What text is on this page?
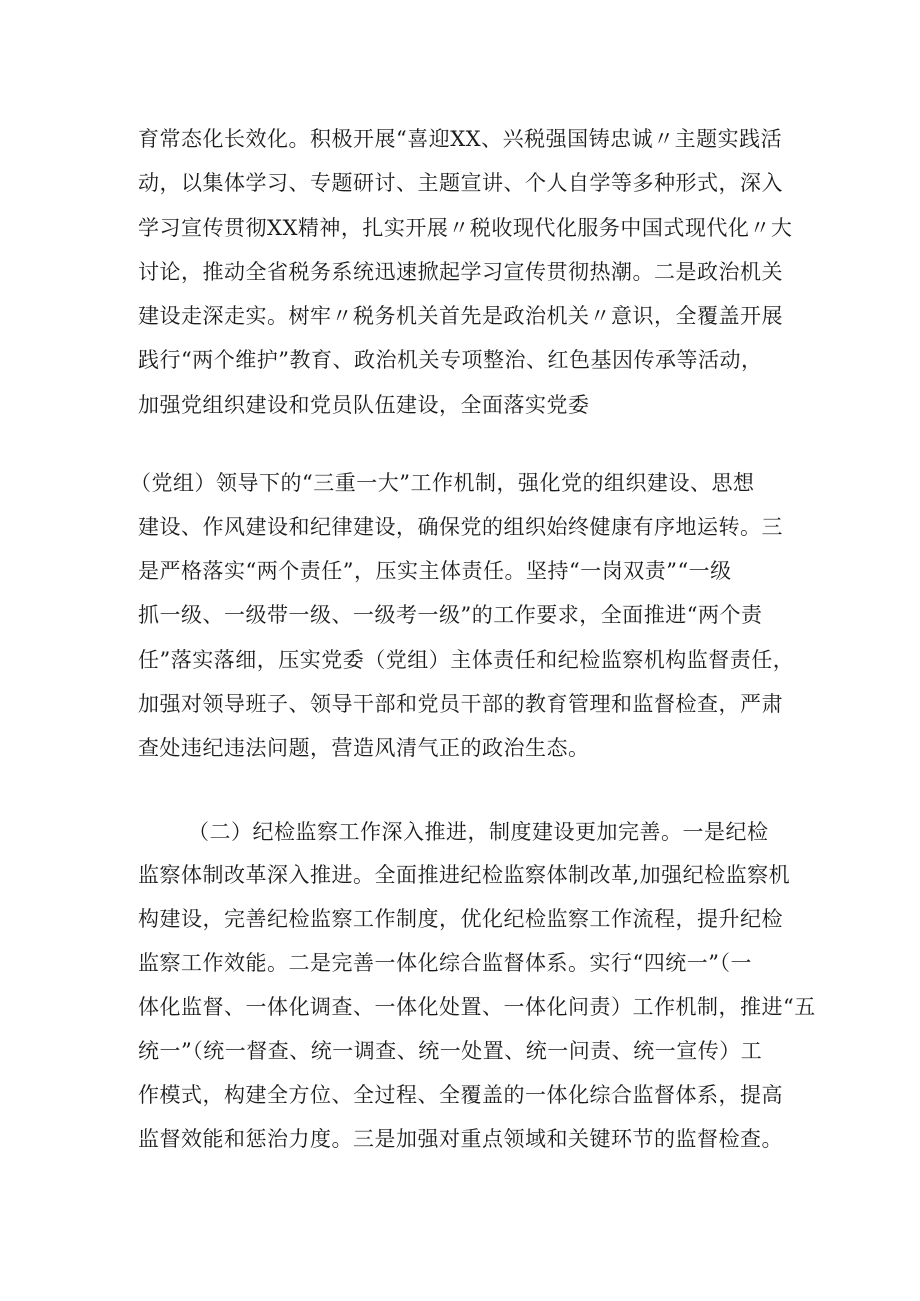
育常态化长效化。积极开展“喜迎XX、兴税强国铸忠诚〃主题实践活
动，以集体学习、专题研讨、主题宣讲、个人自学等多种形式，深入
学习宣传贯彻XX精神，扎实开展〃税收现代化服务中国式现代化〃大
讨论，推动全省税务系统迅速掀起学习宣传贯彻热潮。二是政治机关
建设走深走实。树牢〃税务机关首先是政治机关〃意识，全覆盖开展
践行“两个维护”教育、政治机关专项整治、红色基因传承等活动，
加强党组织建设和党员队伍建设，全面落实党委
（党组）领导下的“三重一大”工作机制，强化党的组织建设、思想
建设、作风建设和纪律建设，确保党的组织始终健康有序地运转。三
是严格落实“两个责任”，压实主体责任。坚持“一岗双责”“一级
抓一级、一级带一级、一级考一级”的工作要求，全面推进“两个责
任”落实落细，压实党委（党组）主体责任和纪检监察机构监督责任，
加强对领导班子、领导干部和党员干部的教育管理和监督检查，严肃
查处违纪违法问题，营造风清气正的政治生态。
（二）纪检监察工作深入推进，制度建设更加完善。一是纪检
监察体制改革深入推进。全面推进纪检监察体制改革,加强纪检监察机
构建设，完善纪检监察工作制度，优化纪检监察工作流程，提升纪检
监察工作效能。二是完善一体化综合监督体系。实行“四统一”（一
体化监督、一体化调查、一体化处置、一体化问责）工作机制，推进“五
统一”（统一督查、统一调查、统一处置、统一问责、统一宣传）工
作模式，构建全方位、全过程、全覆盖的一体化综合监督体系，提高
监督效能和惩治力度。三是加强对重点领域和关键环节的监督检查。
